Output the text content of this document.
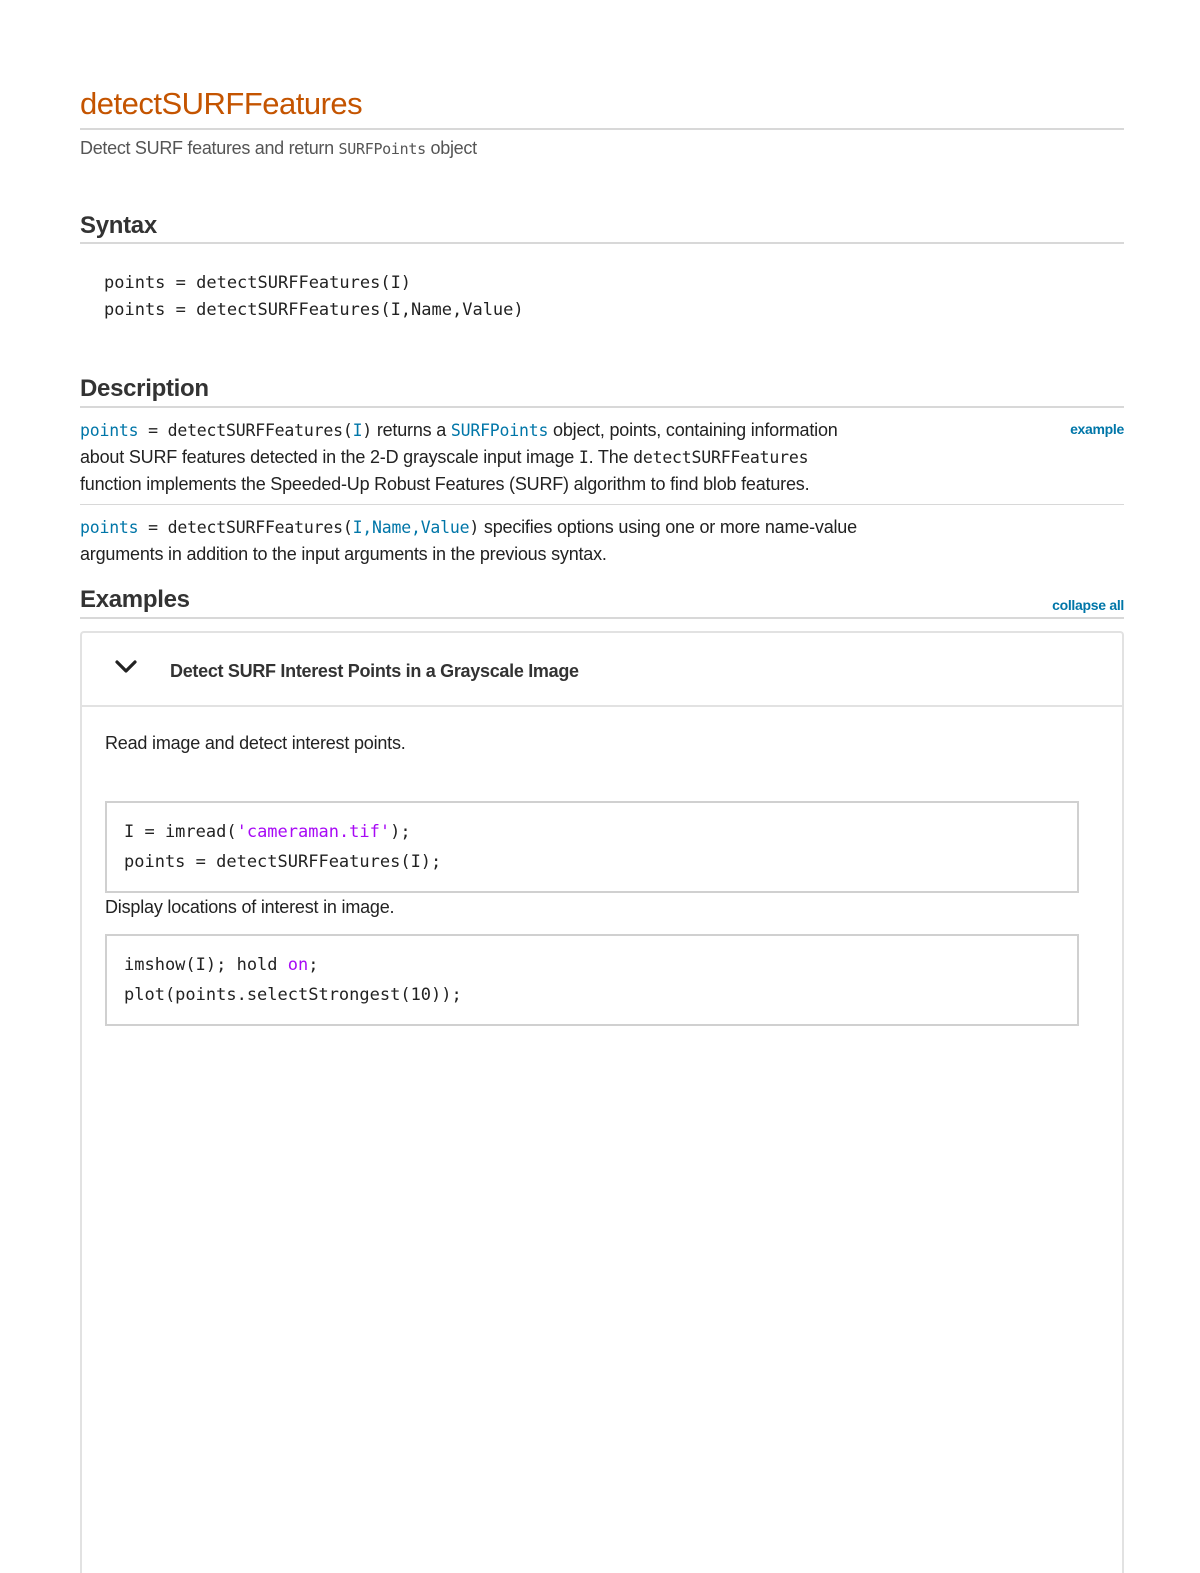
detectSURFFeatures
Detect SURF features and return SURFPoints object
Syntax
points = detectSURFFeatures(I)
points = detectSURFFeatures(I,Name,Value)
Description
example
points = detectSURFFeatures(I) returns a SURFPoints object, points, containing information
about SURF features detected in the 2-D grayscale input image I. The detectSURFFeatures
function implements the Speeded-Up Robust Features (SURF) algorithm to find blob features.
points = detectSURFFeatures(I,Name,Value) specifies options using one or more name-value
arguments in addition to the input arguments in the previous syntax.
Examples	collapse all
Detect SURF Interest Points in a Grayscale Image
Read image and detect interest points.
I = imread('cameraman.tif');
points = detectSURFFeatures(I);
Display locations of interest in image.
imshow(I); hold on;
plot(points.selectStrongest(10));
